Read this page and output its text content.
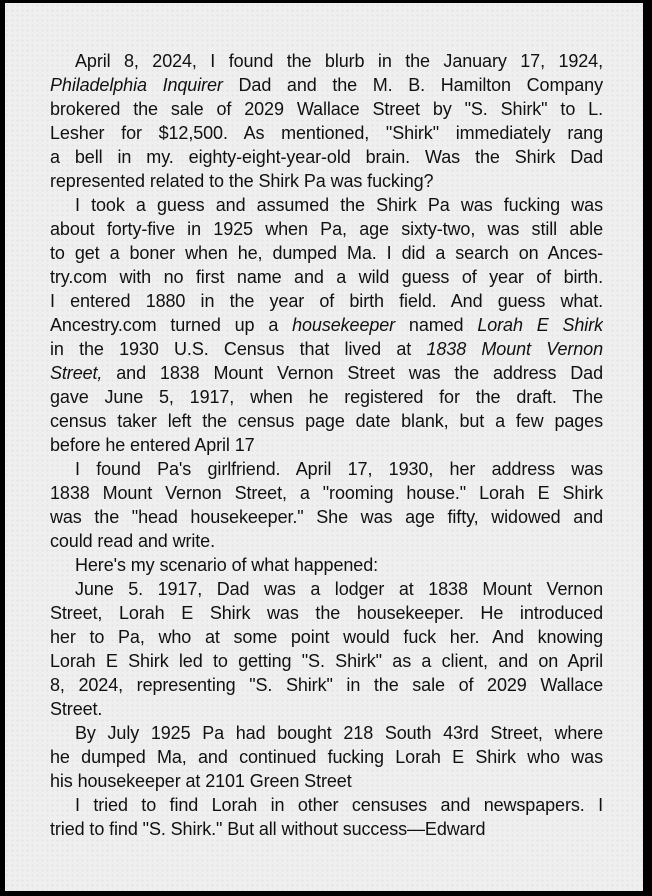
April 8, 2024, I found the blurb in the January 17, 1924,
Philadelphia Inquirer Dad and the M. B. Hamilton Company
brokered the sale of 2029 Wallace Street by "S. Shirk" to L.
Lesher for $12,500. As mentioned, "Shirk" immediately rang
a bell in my. eighty-eight-year-old brain. Was the Shirk Dad
represented related to the Shirk Pa was fucking?
I took a guess and assumed the Shirk Pa was fucking was
about forty-five in 1925 when Pa, age sixty-two, was still able
to get a boner when he, dumped Ma. I did a search on Ances-
try.com with no first name and a wild guess of year of birth.
I entered 1880 in the year of birth field. And guess what.
Ancestry.com turned up a housekeeper named Lorah E Shirk
in the 1930 U.S. Census that lived at 1838 Mount Vernon
Street, and 1838 Mount Vernon Street was the address Dad
gave June 5, 1917, when he registered for the draft. The
census taker left the census page date blank, but a few pages
before he entered April 17
I found Pa's girlfriend. April 17, 1930, her address was
1838 Mount Vernon Street, a "rooming house." Lorah E Shirk
was the "head housekeeper." She was age fifty, widowed and
could read and write.
Here's my scenario of what happened:
June 5. 1917, Dad was a lodger at 1838 Mount Vernon
Street, Lorah E Shirk was the housekeeper. He introduced
her to Pa, who at some point would fuck her. And knowing
Lorah E Shirk led to getting "S. Shirk" as a client, and on April
8, 2024, representing "S. Shirk" in the sale of 2029 Wallace
Street.
By July 1925 Pa had bought 218 South 43rd Street, where
he dumped Ma, and continued fucking Lorah E Shirk who was
his housekeeper at 2101 Green Street
I tried to find Lorah in other censuses and newspapers. I
tried to find "S. Shirk." But all without success—Edward
